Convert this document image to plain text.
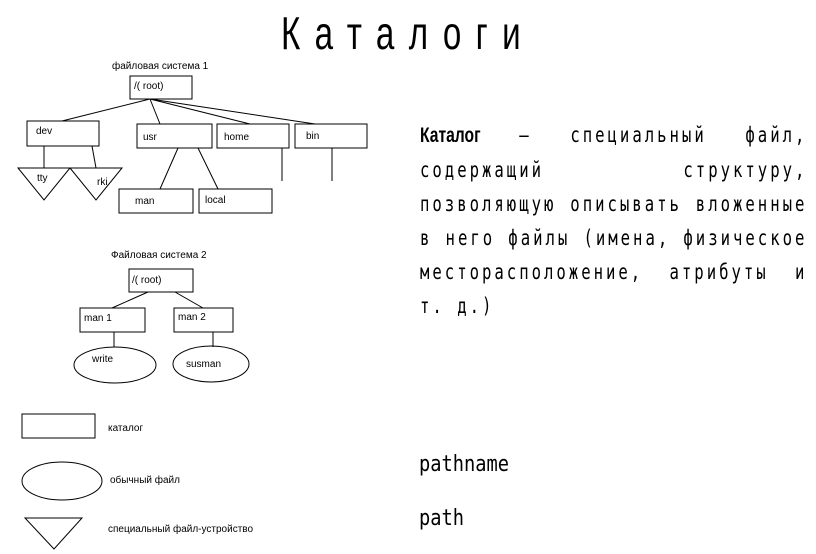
Каталоги
файловая система 1
/( root)
dev
usr	home	bin
tty	rki
man	local
Файловая система 2
/( root)
man 1	man 2
write	susman
каталог
обычный файл
специальный файл-устройство
Каталог – специальный файл, содержащий структуру, позволяющую описывать вложенные в него файлы (имена, физическое месторасположение, атрибуты и т. д.)
pathname
path
